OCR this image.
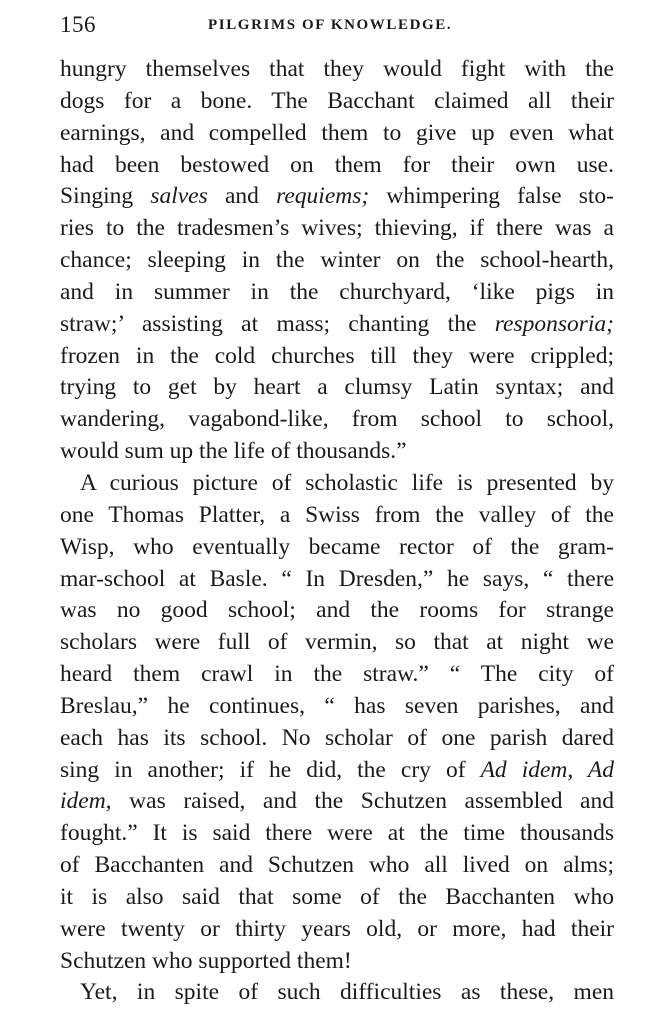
156	PILGRIMS OF KNOWLEDGE.
hungry themselves that they would fight with the
dogs for a bone. The Bacchant claimed all their
earnings, and compelled them to give up even what
had been bestowed on them for their own use.
Singing salves and requiems; whimpering false sto-
ries to the tradesmen’s wives; thieving, if there was a
chance; sleeping in the winter on the school-hearth,
and in summer in the churchyard, ‘like pigs in
straw;’ assisting at mass; chanting the responsoria;
frozen in the cold churches till they were crippled;
trying to get by heart a clumsy Latin syntax; and
wandering, vagabond-like, from school to school,
would sum up the life of thousands.”
A curious picture of scholastic life is presented by
one Thomas Platter, a Swiss from the valley of the
Wisp, who eventually became rector of the gram-
mar-school at Basle. “ In Dresden,” he says, “ there
was no good school; and the rooms for strange
scholars were full of vermin, so that at night we
heard them crawl in the straw.” “ The city of
Breslau,” he continues, “ has seven parishes, and
each has its school. No scholar of one parish dared
sing in another; if he did, the cry of Ad idem, Ad
idem, was raised, and the Schutzen assembled and
fought.” It is said there were at the time thousands
of Bacchanten and Schutzen who all lived on alms;
it is also said that some of the Bacchanten who
were twenty or thirty years old, or more, had their
Schutzen who supported them!
Yet, in spite of such difficulties as these, men
